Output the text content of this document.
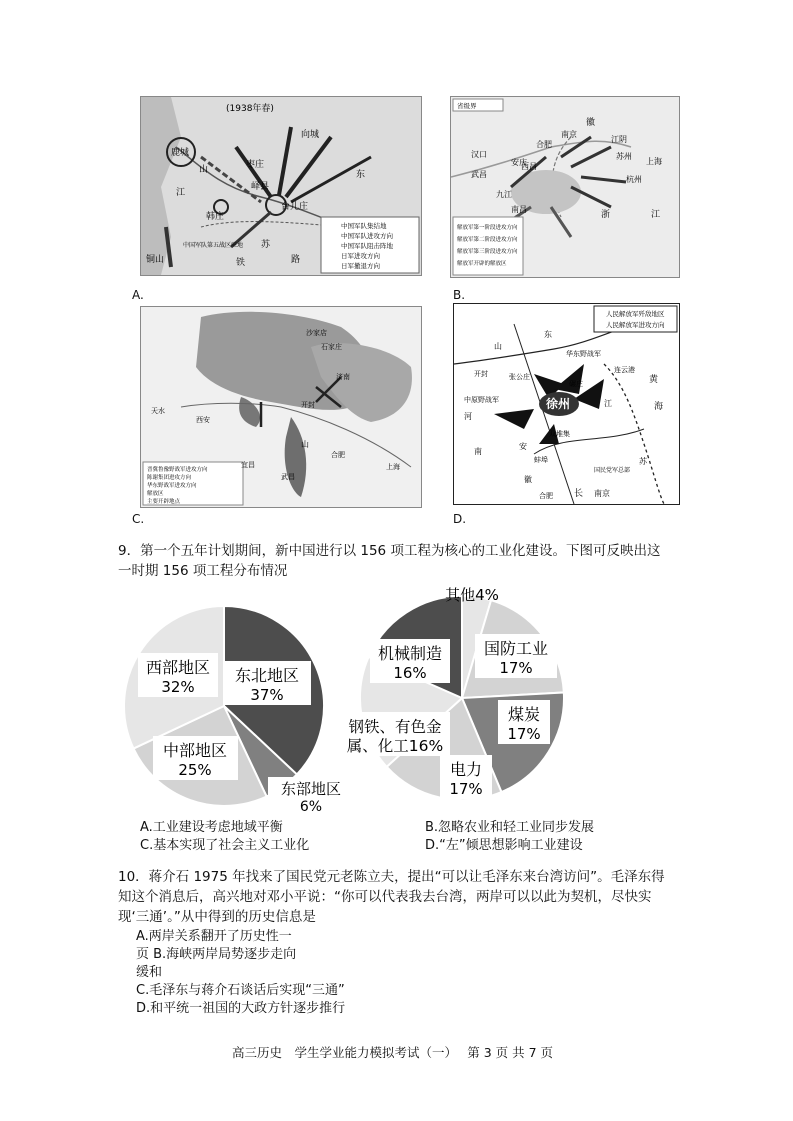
(1938年春)
鹿城
枣庄
向城
峄县
山	东
韩庄
台儿庄
江
苏
铁
铜山	路
中国军队集结地
中国军队进攻方向
中国军队阻击阵地
日军进攻方向
日军撤退方向
中国军队第五战区驻地
A.
省级界
南京
合肥
安庆
江阴
苏州
上海
杭州
九江
西昌
南昌
浙	江
徽
汉口
武昌
解放军第一阶段进攻方向
解放军第二阶段进攻方向
解放军第三阶段进攻方向
解放军开辟的解放区
B.
沙家店
石家庄
济南
西安
天水
开封
合肥
上海
武昌
宜昌
山
晋冀鲁豫野战军进攻方向
陈谢集团进攻方向
华东野战军进攻方向
解放区
主要开辟地点
C.
人民解放军歼敌地区
人民解放军进攻方向
东
华东野战军
连云港
黄
海
开封	张公庄
徐州	江
中原野战军
碾庄
双堆集
南
安
蚌埠	苏
徽
国民党军总部
南京
合肥 长
河
山
D.
9．第一个五年计划期间，新中国进行以 156 项工程为核心的工业化建设。下图可反映出这
一时期 156 项工程分布情况
东北地区
37%
西部地区
32%
中部地区
25%
东部地区
6%
其他4%
国防工业
17%
机械制造
16%
煤炭
17%
钢铁、有色金
属、化工16%
电力
17%
A.工业建设考虑地域平衡	B.忽略农业和轻工业同步发展
C.基本实现了社会主义工业化	D.“左”倾思想影响工业建设
10．蒋介石 1975 年找来了国民党元老陈立夫，提出“可以让毛泽东来台湾访问”。毛泽东得
知这个消息后，高兴地对邓小平说：“你可以代表我去台湾，两岸可以以此为契机，尽快实
现‘三通’。”从中得到的历史信息是
A.两岸关系翻开了历史性一
页 B.海峡两岸局势逐步走向
缓和
C.毛泽东与蒋介石谈话后实现“三通”
D.和平统一祖国的大政方针逐步推行
高三历史　学生学业能力模拟考试（一）　 第 3 页 共 7 页
